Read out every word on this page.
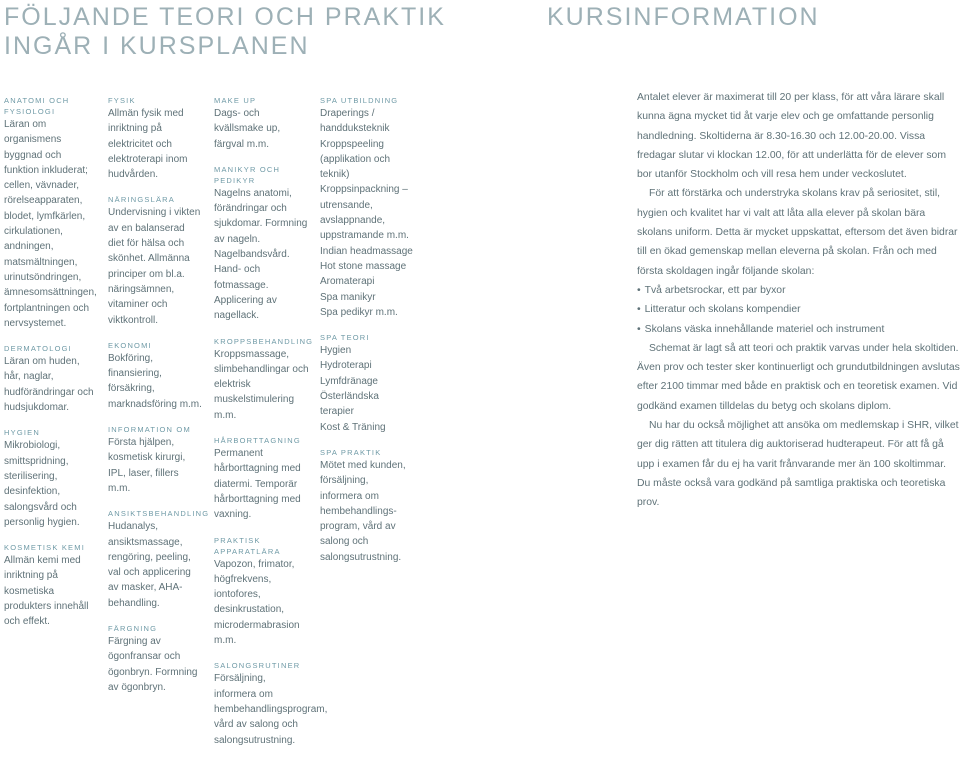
FÖLJANDE TEORI OCH PRAKTIK INGÅR I KURSPLANEN
KURSINFORMATION
ANATOMI OCH FYSIOLOGI

Läran om organismens byggnad och funktion inkluderat; cellen, vävnader, rörelseapparaten, blodet, lymfkärlen, cirkulationen, andningen, matsmältningen, urinutsöndringen, ämnesomsättningen, fortplantningen och nervsystemet.

DERMATOLOGI

Läran om huden, hår, naglar, hudförändringar och hudsjukdomar.

HYGIEN

Mikrobiologi, smittspridning, sterilisering, desinfektion, salongsvård och personlig hygien.

KOSMETISK KEMI

Allmän kemi med inriktning på kosmetiska produkters innehåll och effekt.

FYSIK

Allmän fysik med inriktning på elektricitet och elektroterapi inom hudvården.

NÄRINGSLÄRA

Undervisning i vikten av en balanserad diet för hälsa och skönhet. Allmänna principer om bl.a. näringsämnen, vitaminer och viktkontroll.

EKONOMI

Bokföring, finansiering, försäkring, marknadsföring m.m.

INFORMATION OM

Första hjälpen, kosmetisk kirurgi, IPL, laser, fillers m.m.

ANSIKTSBEHANDLING

Hudanalys, ansiktsmassage, rengöring, peeling, val och applicering av masker, AHA-behandling.

FÄRGNING

Färgning av ögonfransar och ögonbryn. Formning av ögonbryn.

MAKE UP

Dags- och kvällsmake up, färgval m.m.

MANIKYR OCH PEDIKYR

Nagelns anatomi, förändringar och sjukdomar. Formning av nageln. Nagelbandsvård. Hand- och fotmassage. Applicering av nagellack.

KROPPSBEHANDLING

Kroppsmassage, slimbehandlingar och elektrisk muskelstimulering m.m.

HÅRBORTTAGNING

Permanent hårborttagning med diatermi. Temporär hårborttagning med vaxning.

PRAKTISK APPARATLÄRA

Vapozon, frimator, högfrekvens, iontofores, desinkrustation, microdermabrasion m.m.

SALONGSRUTINER

Försäljning, informera om hembehandlingsprogram, vård av salong och salongsutrustning.

SPA UTBILDNING

Draperings / handduksteknik

Kroppspeeling (applikation och teknik)

Kroppsinpackning – utrensande, avslappnande, uppstramande m.m.

Indian headmassage

Hot stone massage

Aromaterapi

Spa manikyr

Spa pedikyr m.m.

SPA TEORI

Hygien

Hydroterapi

Lymfdränage

Österländska terapier

Kost & Träning

SPA PRAKTIK

Mötet med kunden, försäljning, informera om hembehandlings-program, vård av salong och salongsutrustning.

Antalet elever är maximerat till 20 per klass, för att våra lärare skall kunna ägna mycket tid åt varje elev och ge omfattande personlig handledning. Skoltiderna är 8.30-16.30 och 12.00-20.00. Vissa fredagar slutar vi klockan 12.00, för att underlätta för de elever som bor utanför Stockholm och vill resa hem under veckoslutet.

För att förstärka och understryka skolans krav på seriositet, stil, hygien och kvalitet har vi valt att låta alla elever på skolan bära skolans uniform. Detta är mycket uppskattat, eftersom det även bidrar till en ökad gemenskap mellan eleverna på skolan. Från och med första skoldagen ingår följande skolan:

• Två arbetsrockar, ett par byxor
• Litteratur och skolans kompendier
• Skolans väska innehållande materiel och instrument

Schemat är lagt så att teori och praktik varvas under hela skoltiden. Även prov och tester sker kontinuerligt och grundutbildningen avslutas efter 2100 timmar med både en praktisk och en teoretisk examen. Vid godkänd examen tilldelas du betyg och skolans diplom.

Nu har du också möjlighet att ansöka om medlemskap i SHR, vilket ger dig rätten att titulera dig auktoriserad hudterapeut. För att få gå upp i examen får du ej ha varit frånvarande mer än 100 skoltimmar. Du måste också vara godkänd på samtliga praktiska och teoretiska prov.
